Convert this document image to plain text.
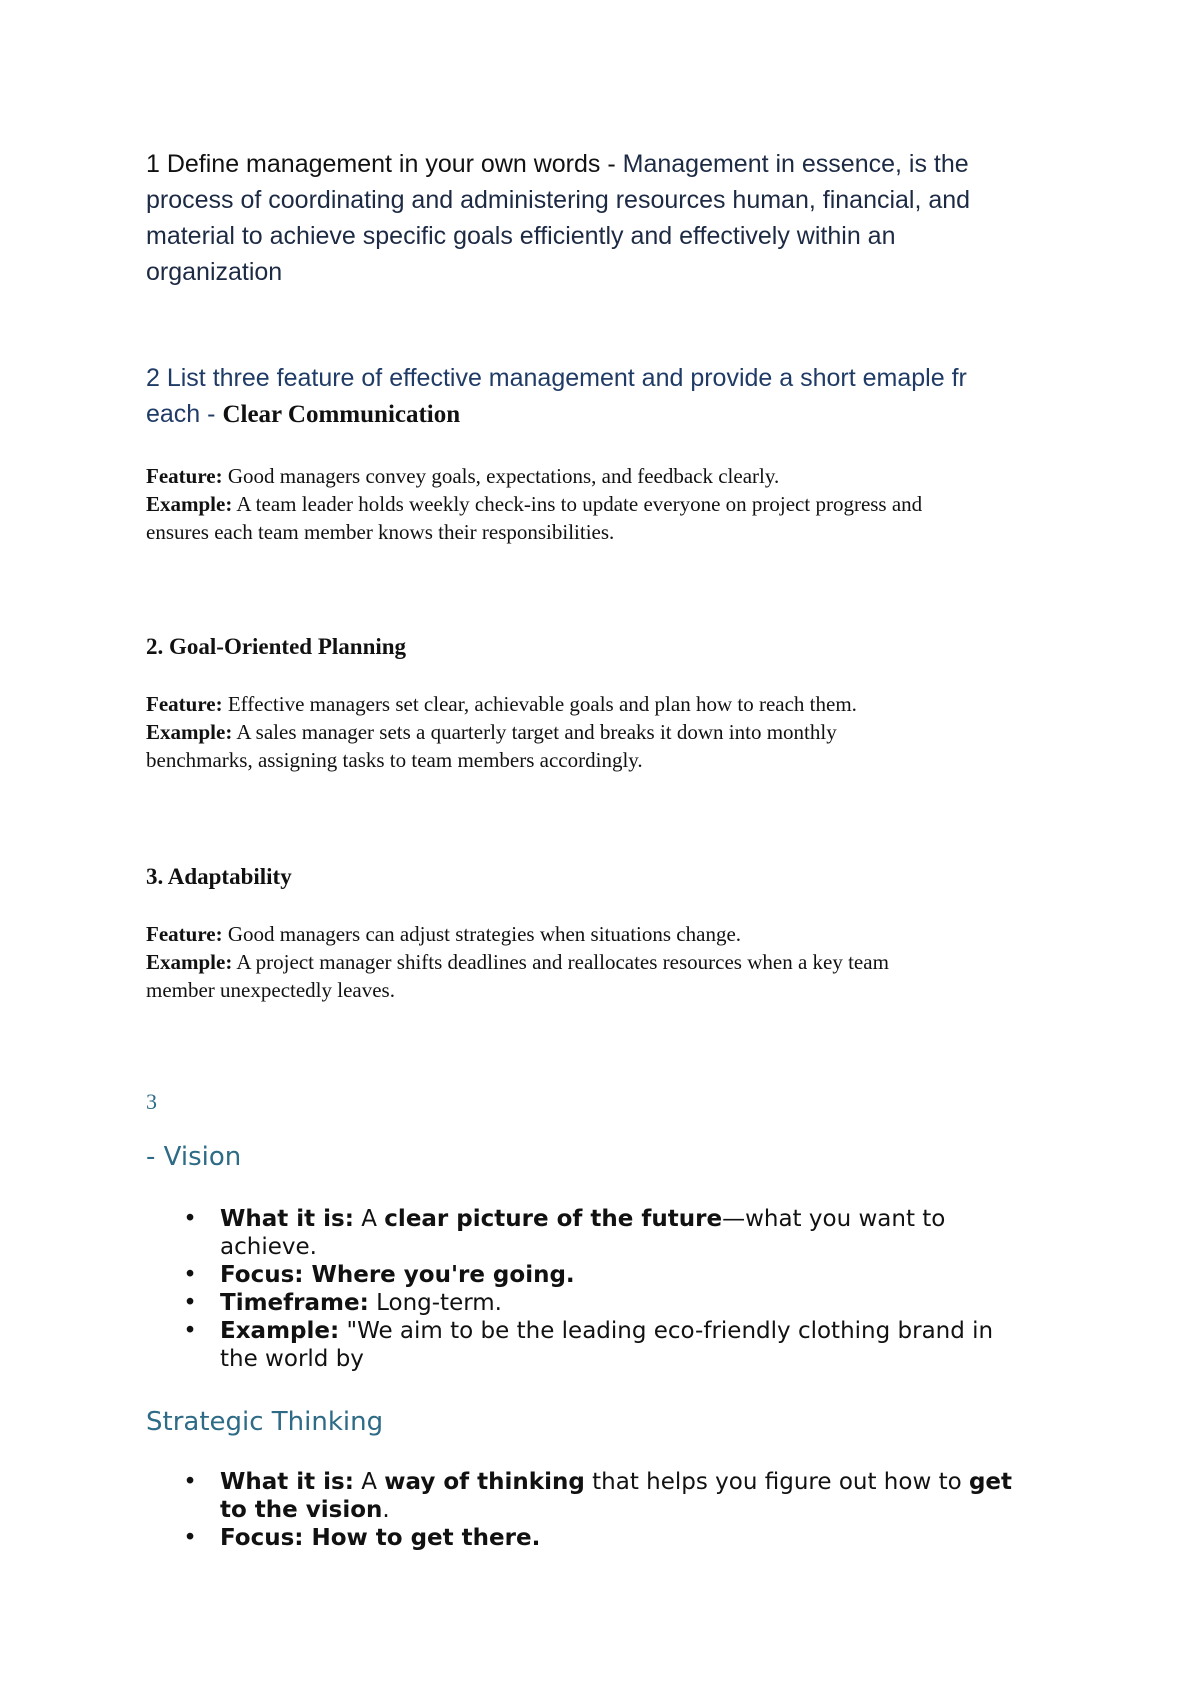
1 Define management in your own words - Management in essence, is the
process of coordinating and administering resources human, financial, and
material to achieve specific goals efficiently and effectively within an
organization
2 List three feature of effective management and provide a short emaple fr
each - Clear Communication
Feature: Good managers convey goals, expectations, and feedback clearly.
Example: A team leader holds weekly check-ins to update everyone on project progress and
ensures each team member knows their responsibilities.
2. Goal-Oriented Planning
Feature: Effective managers set clear, achievable goals and plan how to reach them.
Example: A sales manager sets a quarterly target and breaks it down into monthly
benchmarks, assigning tasks to team members accordingly.
3. Adaptability
Feature: Good managers can adjust strategies when situations change.
Example: A project manager shifts deadlines and reallocates resources when a key team
member unexpectedly leaves.
3
- Vision
• What it is: A clear picture of the future—what you want to
achieve.
• Focus: Where you're going.
• Timeframe: Long-term.
• Example: "We aim to be the leading eco-friendly clothing brand in
the world by
Strategic Thinking
• What it is: A way of thinking that helps you figure out how to get
to the vision.
• Focus: How to get there.
